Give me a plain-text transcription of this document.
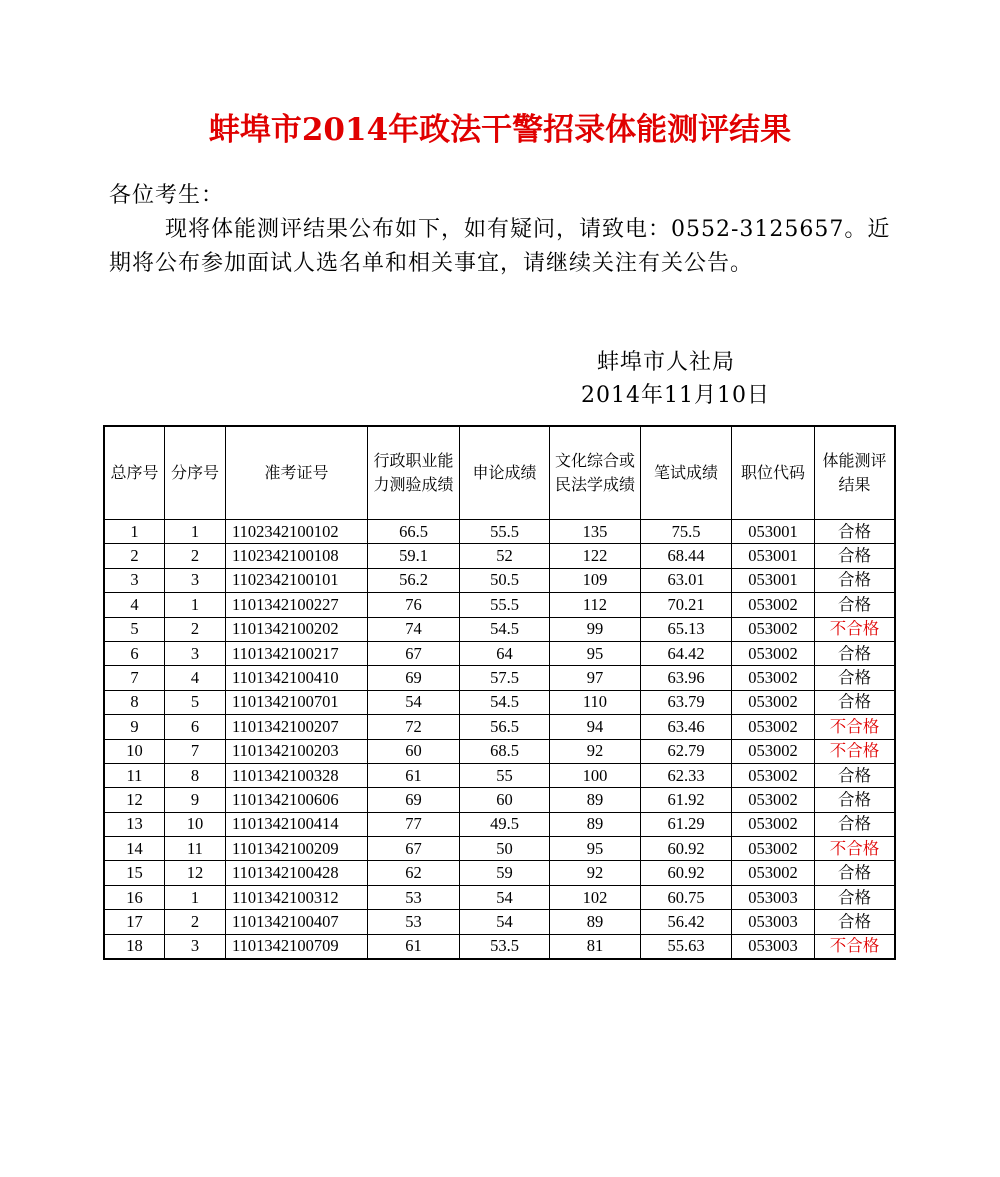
蚌埠市2014年政法干警招录体能测评结果
各位考生：
现将体能测评结果公布如下，如有疑问，请致电：0552-3125657。近期将公布参加面试人选名单和相关事宜，请继续关注有关公告。
蚌埠市人社局
2014年11月10日
总序号	分序号	准考证号	行政职业能力测验成绩	申论成绩	文化综合或民法学成绩	笔试成绩	职位代码	体能测评结果
1	1	1102342100102	66.5	55.5	135	75.5	053001	合格
2	2	1102342100108	59.1	52	122	68.44	053001	合格
3	3	1102342100101	56.2	50.5	109	63.01	053001	合格
4	1	1101342100227	76	55.5	112	70.21	053002	合格
5	2	1101342100202	74	54.5	99	65.13	053002	不合格
6	3	1101342100217	67	64	95	64.42	053002	合格
7	4	1101342100410	69	57.5	97	63.96	053002	合格
8	5	1101342100701	54	54.5	110	63.79	053002	合格
9	6	1101342100207	72	56.5	94	63.46	053002	不合格
10	7	1101342100203	60	68.5	92	62.79	053002	不合格
11	8	1101342100328	61	55	100	62.33	053002	合格
12	9	1101342100606	69	60	89	61.92	053002	合格
13	10	1101342100414	77	49.5	89	61.29	053002	合格
14	11	1101342100209	67	50	95	60.92	053002	不合格
15	12	1101342100428	62	59	92	60.92	053002	合格
16	1	1101342100312	53	54	102	60.75	053003	合格
17	2	1101342100407	53	54	89	56.42	053003	合格
18	3	1101342100709	61	53.5	81	55.63	053003	不合格
